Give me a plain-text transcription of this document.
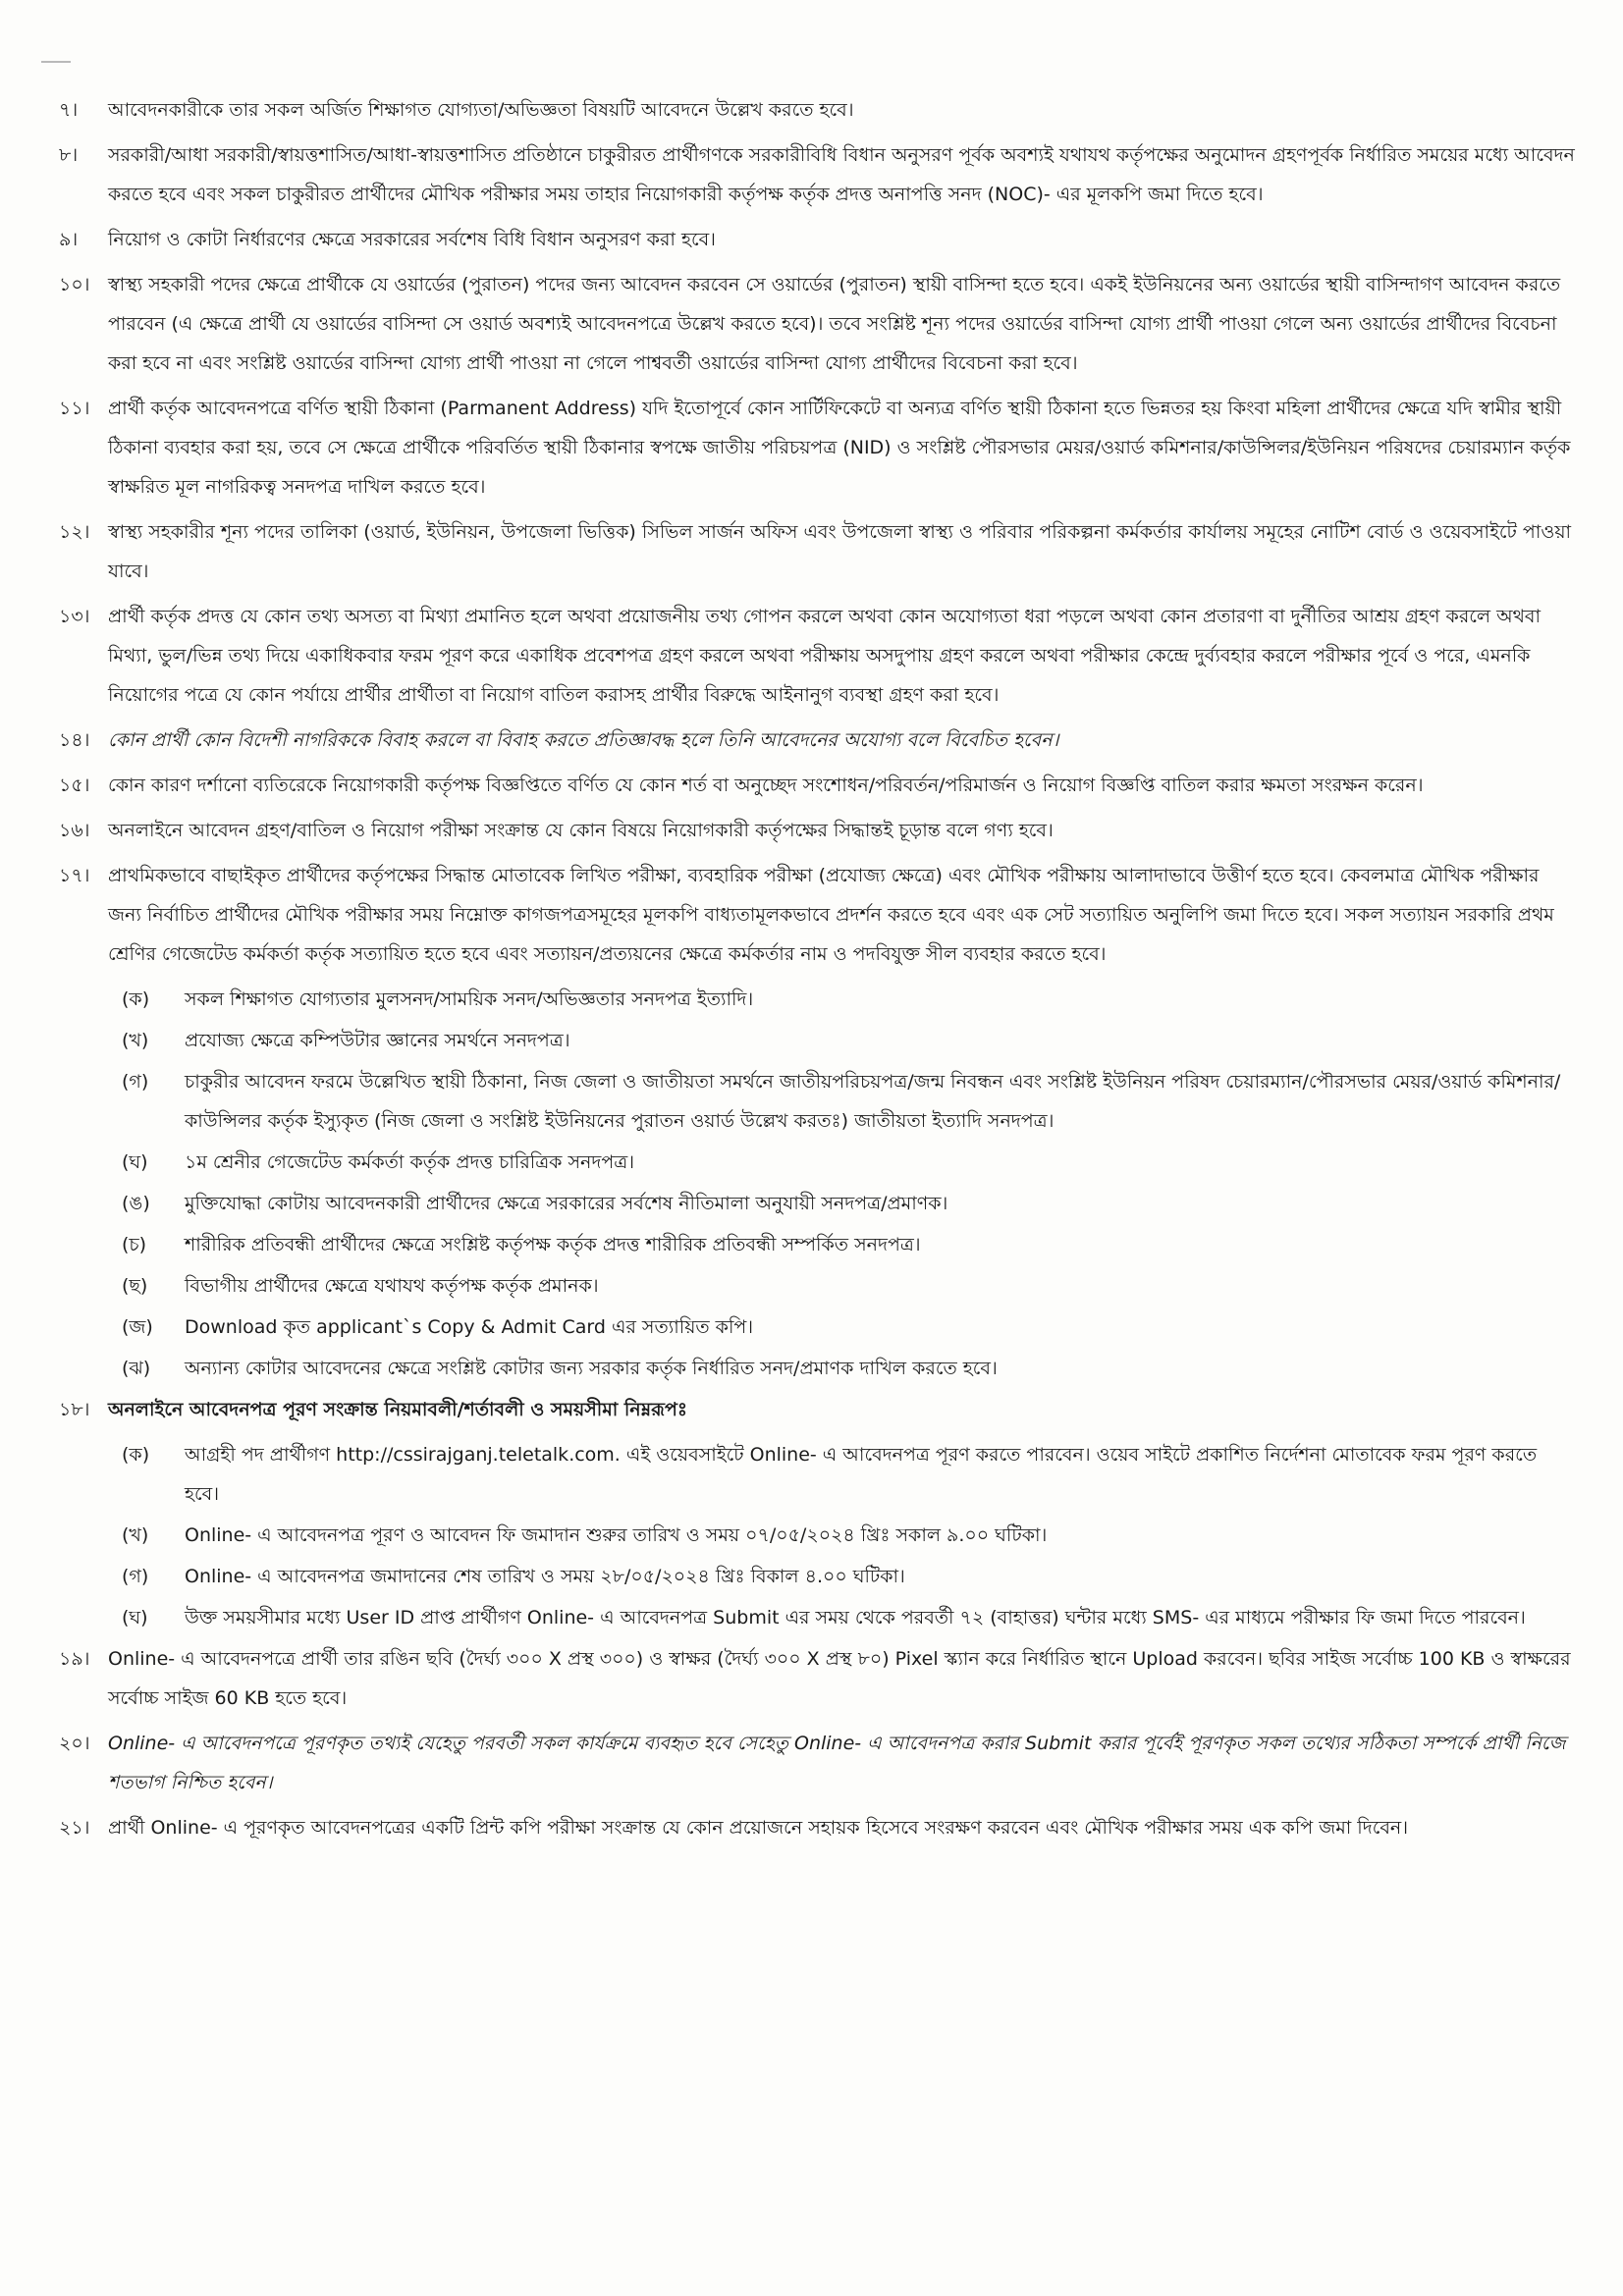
৭।	আবেদনকারীকে তার সকল অর্জিত শিক্ষাগত যোগ্যতা/অভিজ্ঞতা বিষয়টি আবেদনে উল্লেখ করতে হবে।
৮।	সরকারী/আধা সরকারী/স্বায়ত্তশাসিত/আধা-স্বায়ত্তশাসিত প্রতিষ্ঠানে চাকুরীরত প্রার্থীগণকে সরকারীবিধি বিধান অনুসরণ পূর্বক অবশ্যই যথাযথ কর্তৃপক্ষের অনুমোদন গ্রহণপূর্বক নির্ধারিত সময়ের মধ্যে আবেদন করতে হবে এবং সকল চাকুরীরত প্রার্থীদের মৌখিক পরীক্ষার সময় তাহার নিয়োগকারী কর্তৃপক্ষ কর্তৃক প্রদত্ত অনাপত্তি সনদ (NOC)- এর মূলকপি জমা দিতে হবে।
৯।	নিয়োগ ও কোটা নির্ধারণের ক্ষেত্রে সরকারের সর্বশেষ বিধি বিধান অনুসরণ করা হবে।
১০। স্বাস্থ্য সহকারী পদের ক্ষেত্রে প্রার্থীকে যে ওয়ার্ডের (পুরাতন) পদের জন্য আবেদন করবেন সে ওয়ার্ডের (পুরাতন) স্থায়ী বাসিন্দা হতে হবে। একই ইউনিয়নের অন্য ওয়ার্ডের স্থায়ী বাসিন্দাগণ আবেদন করতে পারবেন (এ ক্ষেত্রে প্রার্থী যে ওয়ার্ডের বাসিন্দা সে ওয়ার্ড অবশ্যই আবেদনপত্রে উল্লেখ করতে হবে)। তবে সংশ্লিষ্ট শূন্য পদের ওয়ার্ডের বাসিন্দা যোগ্য প্রার্থী পাওয়া গেলে অন্য ওয়ার্ডের প্রার্থীদের বিবেচনা করা হবে না এবং সংশ্লিষ্ট ওয়ার্ডের বাসিন্দা যোগ্য প্রার্থী পাওয়া না গেলে পাশ্ববর্তী ওয়ার্ডের বাসিন্দা যোগ্য প্রার্থীদের বিবেচনা করা হবে।
১১। প্রার্থী কর্তৃক আবেদনপত্রে বর্ণিত স্থায়ী ঠিকানা (Parmanent Address) যদি ইতোপূর্বে কোন সার্টিফিকেটে বা অন্যত্র বর্ণিত স্থায়ী ঠিকানা হতে ভিন্নতর হয় কিংবা মহিলা প্রার্থীদের ক্ষেত্রে যদি স্বামীর স্থায়ী ঠিকানা ব্যবহার করা হয়, তবে সে ক্ষেত্রে প্রার্থীকে পরিবর্তিত স্থায়ী ঠিকানার স্বপক্ষে জাতীয় পরিচয়পত্র (NID) ও সংশ্লিষ্ট পৌরসভার মেয়র/ওয়ার্ড কমিশনার/কাউন্সিলর/ইউনিয়ন পরিষদের চেয়ারম্যান কর্তৃক স্বাক্ষরিত মূল নাগরিকত্ব সনদপত্র দাখিল করতে হবে।
১২। স্বাস্থ্য সহকারীর শূন্য পদের তালিকা (ওয়ার্ড, ইউনিয়ন, উপজেলা ভিত্তিক) সিভিল সার্জন অফিস এবং উপজেলা স্বাস্থ্য ও পরিবার পরিকল্পনা কর্মকর্তার কার্যালয় সমূহের নোটিশ বোর্ড ও ওয়েবসাইটে পাওয়া যাবে।
১৩। প্রার্থী কর্তৃক প্রদত্ত যে কোন তথ্য অসত্য বা মিথ্যা প্রমানিত হলে অথবা প্রয়োজনীয় তথ্য গোপন করলে অথবা কোন অযোগ্যতা ধরা পড়লে অথবা কোন প্রতারণা বা দুর্নীতির আশ্রয় গ্রহণ করলে অথবা মিথ্যা, ভুল/ভিন্ন তথ্য দিয়ে একাধিকবার ফরম পূরণ করে একাধিক প্রবেশপত্র গ্রহণ করলে অথবা পরীক্ষায় অসদুপায় গ্রহণ করলে অথবা পরীক্ষার কেন্দ্রে দুর্ব্যবহার করলে পরীক্ষার পূর্বে ও পরে, এমনকি নিয়োগের পত্রে যে কোন পর্যায়ে প্রার্থীর প্রার্থীতা বা নিয়োগ বাতিল করাসহ প্রার্থীর বিরুদ্ধে আইনানুগ ব্যবস্থা গ্রহণ করা হবে।
১৪। কোন প্রার্থী কোন বিদেশী নাগরিককে বিবাহ করলে বা বিবাহ করতে প্রতিজ্ঞাবদ্ধ হলে তিনি আবেদনের অযোগ্য বলে বিবেচিত হবেন।
১৫। কোন কারণ দর্শানো ব্যতিরেকে নিয়োগকারী কর্তৃপক্ষ বিজ্ঞপ্তিতে বর্ণিত যে কোন শর্ত বা অনুচ্ছেদ সংশোধন/পরিবর্তন/পরিমার্জন ও নিয়োগ বিজ্ঞপ্তি বাতিল করার ক্ষমতা সংরক্ষন করেন।
১৬। অনলাইনে আবেদন গ্রহণ/বাতিল ও নিয়োগ পরীক্ষা সংক্রান্ত যে কোন বিষয়ে নিয়োগকারী কর্তৃপক্ষের সিদ্ধান্তই চূড়ান্ত বলে গণ্য হবে।
১৭। প্রাথমিকভাবে বাছাইকৃত প্রার্থীদের কর্তৃপক্ষের সিদ্ধান্ত মোতাবেক লিখিত পরীক্ষা, ব্যবহারিক পরীক্ষা (প্রযোজ্য ক্ষেত্রে) এবং মৌখিক পরীক্ষায় আলাদাভাবে উত্তীর্ণ হতে হবে। কেবলমাত্র মৌখিক পরীক্ষার জন্য নির্বাচিত প্রার্থীদের মৌখিক পরীক্ষার সময় নিম্নোক্ত কাগজপত্রসমূহের মূলকপি বাধ্যতামূলকভাবে প্রদর্শন করতে হবে এবং এক সেট সত্যায়িত অনুলিপি জমা দিতে হবে। সকল সত্যায়ন সরকারি প্রথম শ্রেণির গেজেটেড কর্মকর্তা কর্তৃক সত্যায়িত হতে হবে এবং সত্যায়ন/প্রত্যয়নের ক্ষেত্রে কর্মকর্তার নাম ও পদবিযুক্ত সীল ব্যবহার করতে হবে।
(ক)	সকল শিক্ষাগত যোগ্যতার মুলসনদ/সাময়িক সনদ/অভিজ্ঞতার সনদপত্র ইত্যাদি।
(খ)	প্রযোজ্য ক্ষেত্রে কম্পিউটার জ্ঞানের সমর্থনে সনদপত্র।
(গ)	চাকুরীর আবেদন ফরমে উল্লেখিত স্থায়ী ঠিকানা, নিজ জেলা ও জাতীয়তা সমর্থনে জাতীয়পরিচয়পত্র/জন্ম নিবন্ধন এবং সংশ্লিষ্ট ইউনিয়ন পরিষদ চেয়ারম্যান/পৌরসভার মেয়র/ওয়ার্ড কমিশনার/কাউন্সিলর কর্তৃক ইস্যুকৃত (নিজ জেলা ও সংশ্লিষ্ট ইউনিয়নের পুরাতন ওয়ার্ড উল্লেখ করতঃ) জাতীয়তা ইত্যাদি সনদপত্র।
(ঘ)	১ম শ্রেনীর গেজেটেড কর্মকর্তা কর্তৃক প্রদত্ত চারিত্রিক সনদপত্র।
(ঙ)	মুক্তিযোদ্ধা কোটায় আবেদনকারী প্রার্থীদের ক্ষেত্রে সরকারের সর্বশেষ নীতিমালা অনুযায়ী সনদপত্র/প্রমাণক।
(চ)	শারীরিক প্রতিবন্ধী প্রার্থীদের ক্ষেত্রে সংশ্লিষ্ট কর্তৃপক্ষ কর্তৃক প্রদত্ত শারীরিক প্রতিবন্ধী সম্পর্কিত সনদপত্র।
(ছ)	বিভাগীয় প্রার্থীদের ক্ষেত্রে যথাযথ কর্তৃপক্ষ কর্তৃক প্রমানক।
(জ)	Download কৃত applicant`s Copy & Admit Card এর সত্যায়িত কপি।
(ঝ)	অন্যান্য কোটার আবেদনের ক্ষেত্রে সংশ্লিষ্ট কোটার জন্য সরকার কর্তৃক নির্ধারিত সনদ/প্রমাণক দাখিল করতে হবে।
১৮। অনলাইনে আবেদনপত্র পূরণ সংক্রান্ত নিয়মাবলী/শর্তাবলী ও সময়সীমা নিম্নরূপঃ
(ক)	আগ্রহী পদ প্রার্থীগণ http://cssirajganj.teletalk.com. এই ওয়েবসাইটে Online- এ আবেদনপত্র পূরণ করতে পারবেন। ওয়েব সাইটে প্রকাশিত নির্দেশনা মোতাবেক ফরম পূরণ করতে হবে।
(খ)	Online- এ আবেদনপত্র পূরণ ও আবেদন ফি জমাদান শুরুর তারিখ ও সময় ০৭/০৫/২০২৪ খ্রিঃ সকাল ৯.০০ ঘটিকা।
(গ)	Online- এ আবেদনপত্র জমাদানের শেষ তারিখ ও সময় ২৮/০৫/২০২৪ খ্রিঃ বিকাল ৪.০০ ঘটিকা।
(ঘ)	উক্ত সময়সীমার মধ্যে User ID প্রাপ্ত প্রার্থীগণ Online- এ আবেদনপত্র Submit এর সময় থেকে পরবর্তী ৭২ (বাহাত্তর) ঘন্টার মধ্যে SMS- এর মাধ্যমে পরীক্ষার ফি জমা দিতে পারবেন।
১৯। Online- এ আবেদনপত্রে প্রার্থী তার রঙিন ছবি (দৈর্ঘ্য ৩০০ X প্রস্থ ৩০০) ও স্বাক্ষর (দৈর্ঘ্য ৩০০ X প্রস্থ ৮০) Pixel স্ক্যান করে নির্ধারিত স্থানে Upload করবেন। ছবির সাইজ সর্বোচ্চ 100 KB ও স্বাক্ষরের সর্বোচ্চ সাইজ 60 KB হতে হবে।
২০। Online- এ আবেদনপত্রে পূরণকৃত তথ্যই যেহেতু পরবর্তী সকল কার্যক্রমে ব্যবহৃত হবে সেহেতু Online- এ আবেদনপত্র করার Submit করার পূর্বেই পূরণকৃত সকল তথ্যের সঠিকতা সম্পর্কে প্রার্থী নিজে শতভাগ নিশ্চিত হবেন।
২১। প্রার্থী Online- এ পূরণকৃত আবেদনপত্রের একটি প্রিন্ট কপি পরীক্ষা সংক্রান্ত যে কোন প্রয়োজনে সহায়ক হিসেবে সংরক্ষণ করবেন এবং মৌখিক পরীক্ষার সময় এক কপি জমা দিবেন।
